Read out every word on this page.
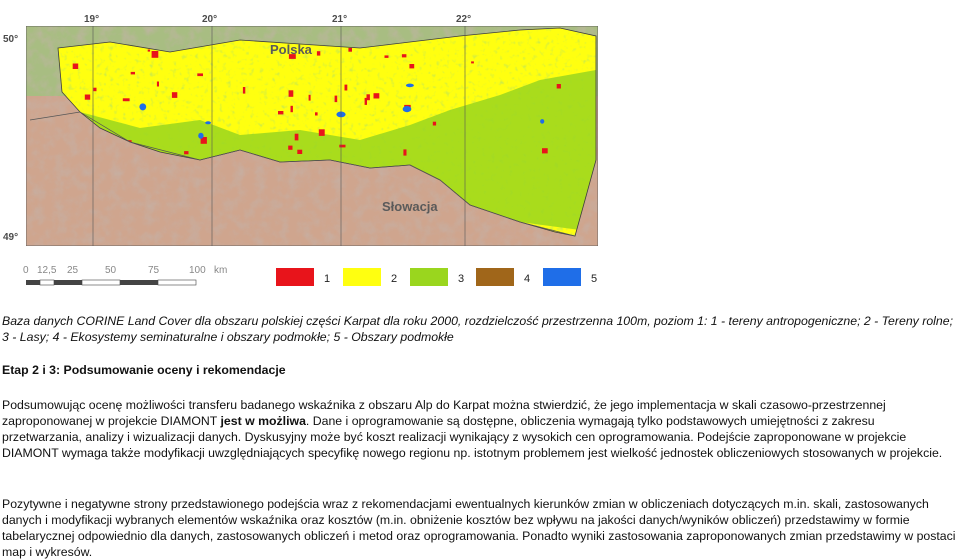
19°	20°	21°	22°
50°
49°
Polska
Słowacja
0 12,5 25	50	75	100 km
1	2	3	4	5
Baza danych CORINE Land Cover dla obszaru polskiej części Karpat dla roku 2000, rozdzielczość przestrzenna 100m, poziom 1: 1 - tereny antropogeniczne; 2 - Tereny rolne; 3 - Lasy; 4 - Ekosystemy seminaturalne i obszary podmokłe; 5 - Obszary podmokłe
Etap 2 i 3: Podsumowanie oceny i rekomendacje
Podsumowując ocenę możliwości transferu badanego wskaźnika z obszaru Alp do Karpat można stwierdzić, że jego implementacja w skali czasowo-przestrzennej zaproponowanej w projekcie DIAMONT jest w możliwa. Dane i oprogramowanie są dostępne, obliczenia wymagają tylko podstawowych umiejętności z zakresu przetwarzania, analizy i wizualizacji danych. Dyskusyjny może być koszt realizacji wynikający z wysokich cen oprogramowania. Podejście zaproponowane w projekcie DIAMONT wymaga także modyfikacji uwzględniających specyfikę nowego regionu np. istotnym problemem jest wielkość jednostek obliczeniowych stosowanych w projekcie.
Pozytywne i negatywne strony przedstawionego podejścia wraz z rekomendacjami ewentualnych kierunków zmian w obliczeniach dotyczących m.in. skali, zastosowanych danych i modyfikacji wybranych elementów wskaźnika oraz kosztów (m.in. obniżenie kosztów bez wpływu na jakości danych/wyników obliczeń) przedstawimy w formie tabelarycznej odpowiednio dla danych, zastosowanych obliczeń i metod oraz oprogramowania. Ponadto wyniki zastosowania zaproponowanych zmian przedstawimy w postaci map i wykresów.
